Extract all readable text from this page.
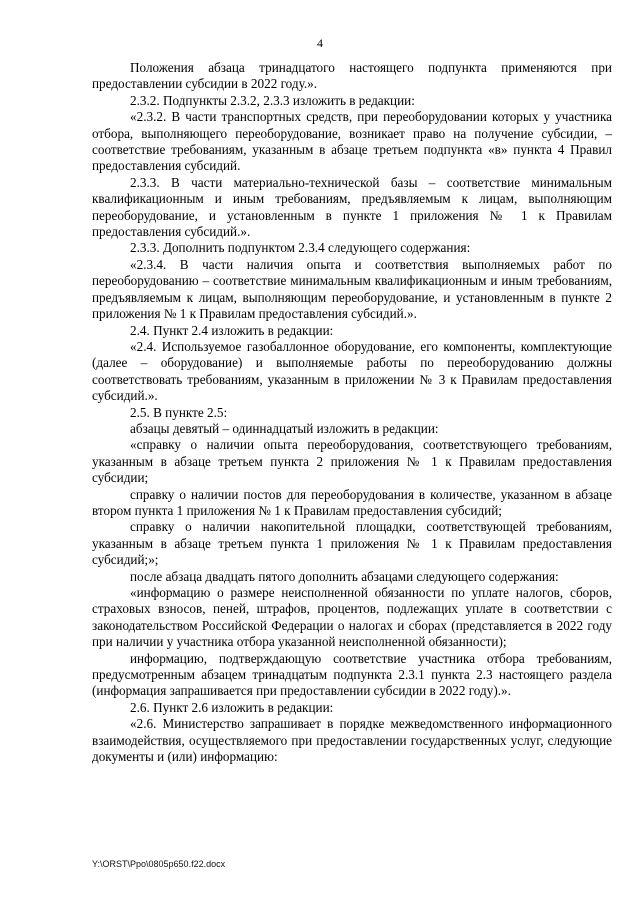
4

Положения абзаца тринадцатого настоящего подпункта применяются при предоставлении субсидии в 2022 году.».

2.3.2. Подпункты 2.3.2, 2.3.3 изложить в редакции:

«2.3.2. В части транспортных средств, при переоборудовании которых у участника отбора, выполняющего переоборудование, возникает право на получение субсидии, – соответствие требованиям, указанным в абзаце третьем подпункта «в» пункта 4 Правил предоставления субсидий.

2.3.3. В части материально-технической базы – соответствие минимальным квалификационным и иным требованиям, предъявляемым к лицам, выполняющим переоборудование, и установленным в пункте 1 приложения № 1 к Правилам предоставления субсидий.».

2.3.3. Дополнить подпунктом 2.3.4 следующего содержания:

«2.3.4. В части наличия опыта и соответствия выполняемых работ по переоборудованию – соответствие минимальным квалификационным и иным требованиям, предъявляемым к лицам, выполняющим переоборудование, и установленным в пункте 2 приложения № 1 к Правилам предоставления субсидий.».

2.4. Пункт 2.4 изложить в редакции:

«2.4. Используемое газобаллонное оборудование, его компоненты, комплектующие (далее – оборудование) и выполняемые работы по переоборудованию должны соответствовать требованиям, указанным в приложении № 3 к Правилам предоставления субсидий.».

2.5. В пункте 2.5:

абзацы девятый – одиннадцатый изложить в редакции:

«справку о наличии опыта переоборудования, соответствующего требованиям, указанным в абзаце третьем пункта 2 приложения № 1 к Правилам предоставления субсидии;

справку о наличии постов для переоборудования в количестве, указанном в абзаце втором пункта 1 приложения № 1 к Правилам предоставления субсидий;

справку о наличии накопительной площадки, соответствующей требованиям, указанным в абзаце третьем пункта 1 приложения № 1 к Правилам предоставления субсидий;»;

после абзаца двадцать пятого дополнить абзацами следующего содержания:

«информацию о размере неисполненной обязанности по уплате налогов, сборов, страховых взносов, пеней, штрафов, процентов, подлежащих уплате в соответствии с законодательством Российской Федерации о налогах и сборах (представляется в 2022 году при наличии у участника отбора указанной неисполненной обязанности);

информацию, подтверждающую соответствие участника отбора требованиям, предусмотренным абзацем тринадцатым подпункта 2.3.1 пункта 2.3 настоящего раздела (информация запрашивается при предоставлении субсидии в 2022 году).».

2.6. Пункт 2.6 изложить в редакции:

«2.6. Министерство запрашивает в порядке межведомственного информационного взаимодействия, осуществляемого при предоставлении государственных услуг, следующие документы и (или) информацию:

Y:\ORST\Ppo\0805p650.f22.docx
